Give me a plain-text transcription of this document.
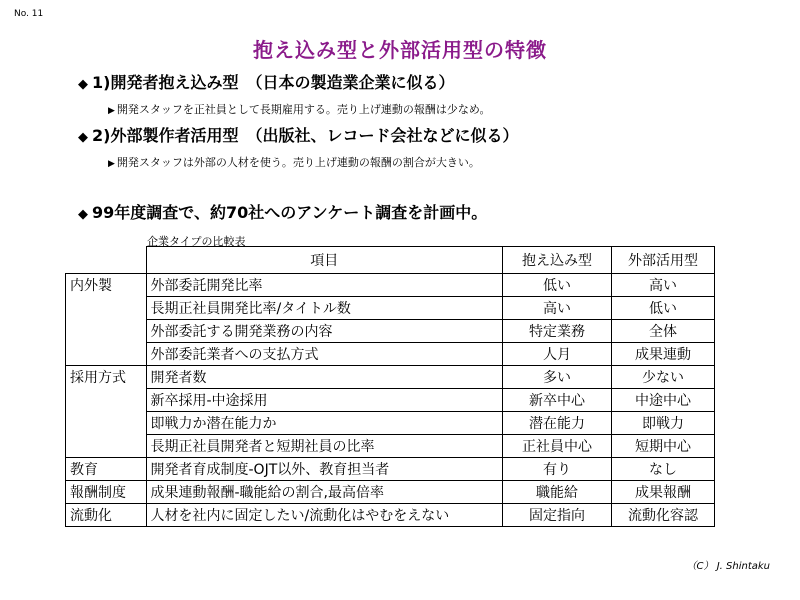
No. 11
抱え込み型と外部活用型の特徴
◆ 1)開発者抱え込み型　（日本の製造業企業に似る）
▶ 開発スタッフを正社員として長期雇用する。売り上げ連動の報酬は少なめ。
◆ 2)外部製作者活用型　（出版社、レコード会社などに似る）
▶ 開発スタッフは外部の人材を使う。売り上げ連動の報酬の割合が大きい。
◆ 99年度調査で、約70社へのアンケート調査を計画中。
企業タイプの比較表
	項目	抱え込み型	外部活用型
内外製	外部委託開発比率	低い	高い
	長期正社員開発比率/タイトル数	高い	低い
	外部委託する開発業務の内容	特定業務	全体
	外部委託業者への支払方式	人月	成果連動
採用方式	開発者数	多い	少ない
	新卒採用-中途採用	新卒中心	中途中心
	即戦力か潜在能力か	潜在能力	即戦力
	長期正社員開発者と短期社員の比率	正社員中心	短期中心
教育	開発者育成制度-OJT以外、教育担当者	有り	なし
報酬制度	成果連動報酬-職能給の割合,最高倍率	職能給	成果報酬
流動化	人材を社内に固定したい/流動化はやむをえない	固定指向	流動化容認
（C） J. Shintaku
